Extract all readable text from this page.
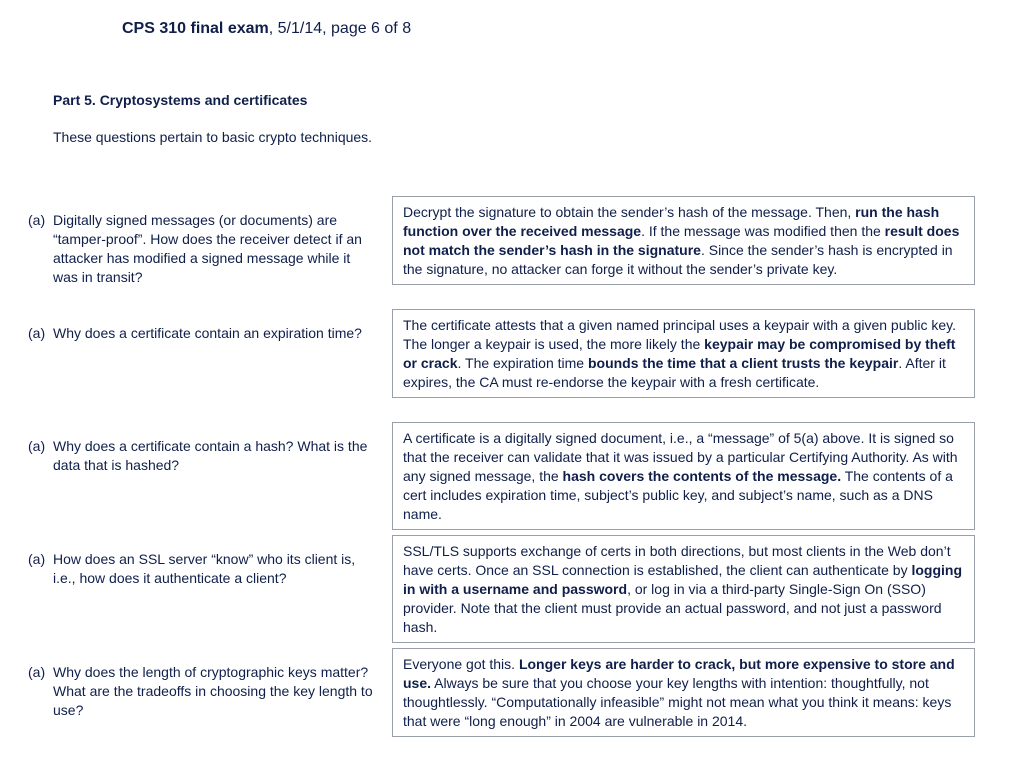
CPS 310 final exam, 5/1/14, page 6 of 8
Part 5. Cryptosystems and certificates
These questions pertain to basic crypto techniques.
(a) Digitally signed messages (or documents) are “tamper-proof”. How does the receiver detect if an attacker has modified a signed message while it was in transit?
Decrypt the signature to obtain the sender’s hash of the message. Then, run the hash function over the received message. If the message was modified then the result does not match the sender’s hash in the signature. Since the sender’s hash is encrypted in the signature, no attacker can forge it without the sender’s private key.
(a) Why does a certificate contain an expiration time?	The certificate attests that a given named principal uses a keypair with a given public key. The longer a keypair is used, the more likely the keypair may be compromised by theft or crack. The expiration time bounds the time that a client trusts the keypair. After it expires, the CA must re-endorse the keypair with a fresh certificate.
(a) Why does a certificate contain a hash? What is the data that is hashed?
A certificate is a digitally signed document, i.e., a “message” of 5(a) above. It is signed so that the receiver can validate that it was issued by a particular Certifying Authority. As with any signed message, the hash covers the contents of the message. The contents of a cert includes expiration time, subject’s public key, and subject’s name, such as a DNS name.
(a) How does an SSL server “know” who its client is, i.e., how does it authenticate a client?
SSL/TLS supports exchange of certs in both directions, but most clients in the Web don’t have certs. Once an SSL connection is established, the client can authenticate by logging in with a username and password, or log in via a third-party Single-Sign On (SSO) provider. Note that the client must provide an actual password, and not just a password hash.
(a) Why does the length of cryptographic keys matter? What are the tradeoffs in choosing the key length to use?
Everyone got this. Longer keys are harder to crack, but more expensive to store and use. Always be sure that you choose your key lengths with intention: thoughtfully, not thoughtlessly. “Computationally infeasible” might not mean what you think it means: keys that were “long enough” in 2004 are vulnerable in 2014.
